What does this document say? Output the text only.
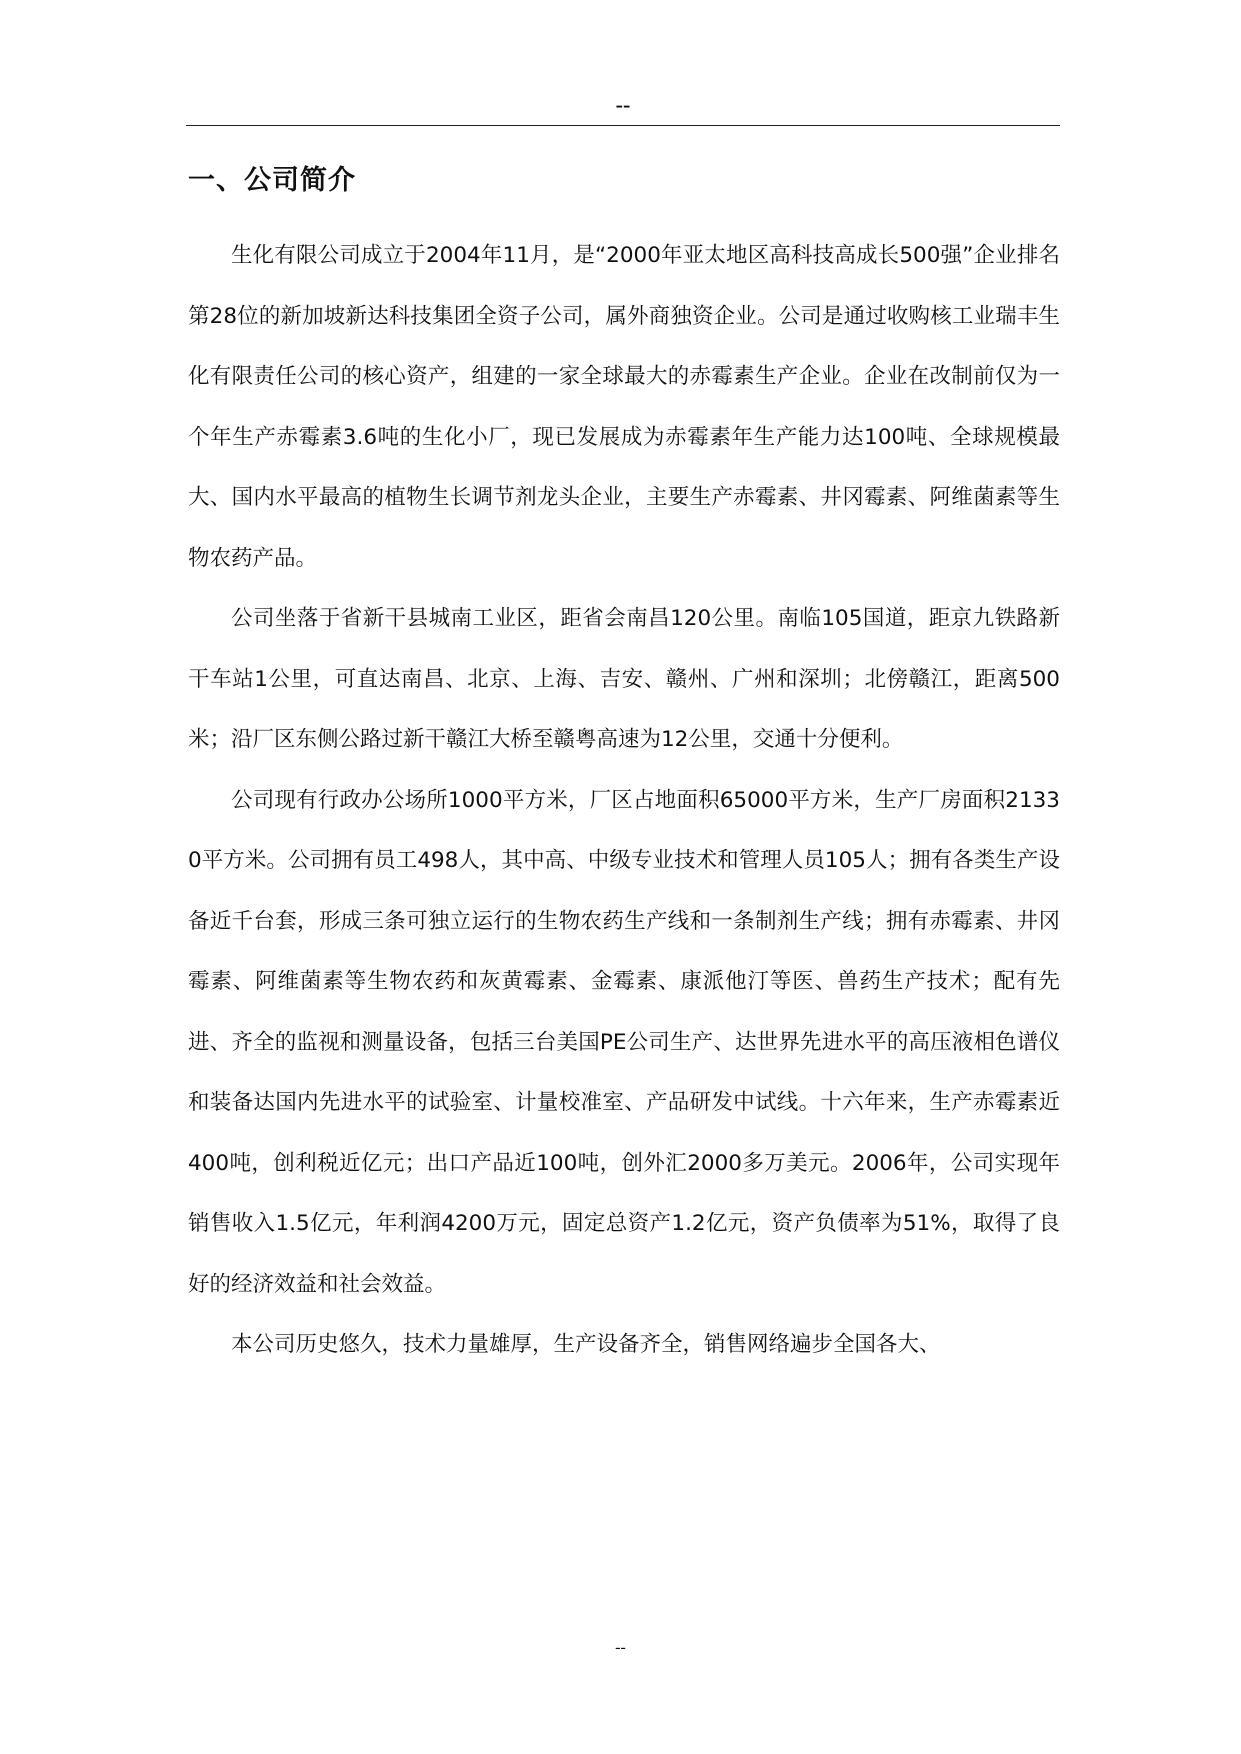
--
一、公司简介

生化有限公司成立于2004年11月，是“2000年亚太地区高科技高成长500强”企业排名第28位的新加坡新达科技集团全资子公司，属外商独资企业。公司是通过收购核工业瑞丰生化有限责任公司的核心资产，组建的一家全球最大的赤霉素生产企业。企业在改制前仅为一个年生产赤霉素3.6吨的生化小厂，现已发展成为赤霉素年生产能力达100吨、全球规模最大、国内水平最高的植物生长调节剂龙头企业，主要生产赤霉素、井冈霉素、阿维菌素等生物农药产品。

公司坐落于省新干县城南工业区，距省会南昌120公里。南临105国道，距京九铁路新干车站1公里，可直达南昌、北京、上海、吉安、赣州、广州和深圳；北傍赣江，距离500米；沿厂区东侧公路过新干赣江大桥至赣粤高速为12公里，交通十分便利。

公司现有行政办公场所1000平方米，厂区占地面积65000平方米，生产厂房面积21330平方米。公司拥有员工498人，其中高、中级专业技术和管理人员105人；拥有各类生产设备近千台套，形成三条可独立运行的生物农药生产线和一条制剂生产线；拥有赤霉素、井冈霉素、阿维菌素等生物农药和灰黄霉素、金霉素、康派他汀等医、兽药生产技术；配有先进、齐全的监视和测量设备，包括三台美国PE公司生产、达世界先进水平的高压液相色谱仪和装备达国内先进水平的试验室、计量校准室、产品研发中试线。十六年来，生产赤霉素近400吨，创利税近亿元；出口产品近100吨，创外汇2000多万美元。2006年，公司实现年销售收入1.5亿元，年利润4200万元，固定总资产1.2亿元，资产负债率为51%，取得了良好的经济效益和社会效益。

本公司历史悠久，技术力量雄厚，生产设备齐全，销售网络遍步全国各大、

--
